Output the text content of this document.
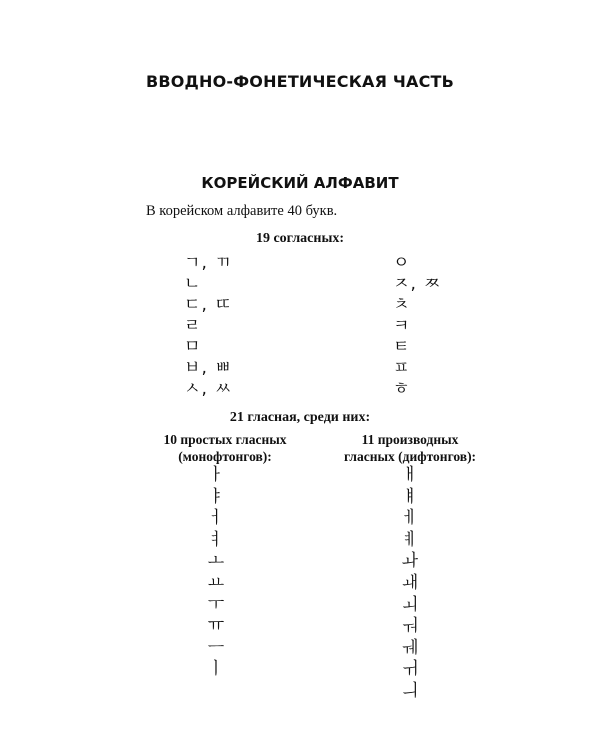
ВВОДНО-ФОНЕТИЧЕСКАЯ ЧАСТЬ
КОРЕЙСКИЙ АЛФАВИТ
В корейском алфавите 40 букв.
19 согласных:
ㄱ, ㄲ
ㄴ
ㄷ, ㄸ
ㄹ
ㅁ
ㅂ, ㅃ
ㅅ, ㅆ
ㅇ
ㅈ, ㅉ
ㅊ
ㅋ
ㅌ
ㅍ
ㅎ
21 гласная, среди них:
10 простых гласных
(монофтонгов):
11 производных
гласных (дифтонгов):
ㅏ
ㅑ
ㅓ
ㅕ
ㅗ
ㅛ
ㅜ
ㅠ
ㅡ
ㅣ
ㅐ
ㅒ
ㅔ
ㅖ
ㅘ
ㅙ
ㅚ
ㅝ
ㅞ
ㅟ
ㅢ
